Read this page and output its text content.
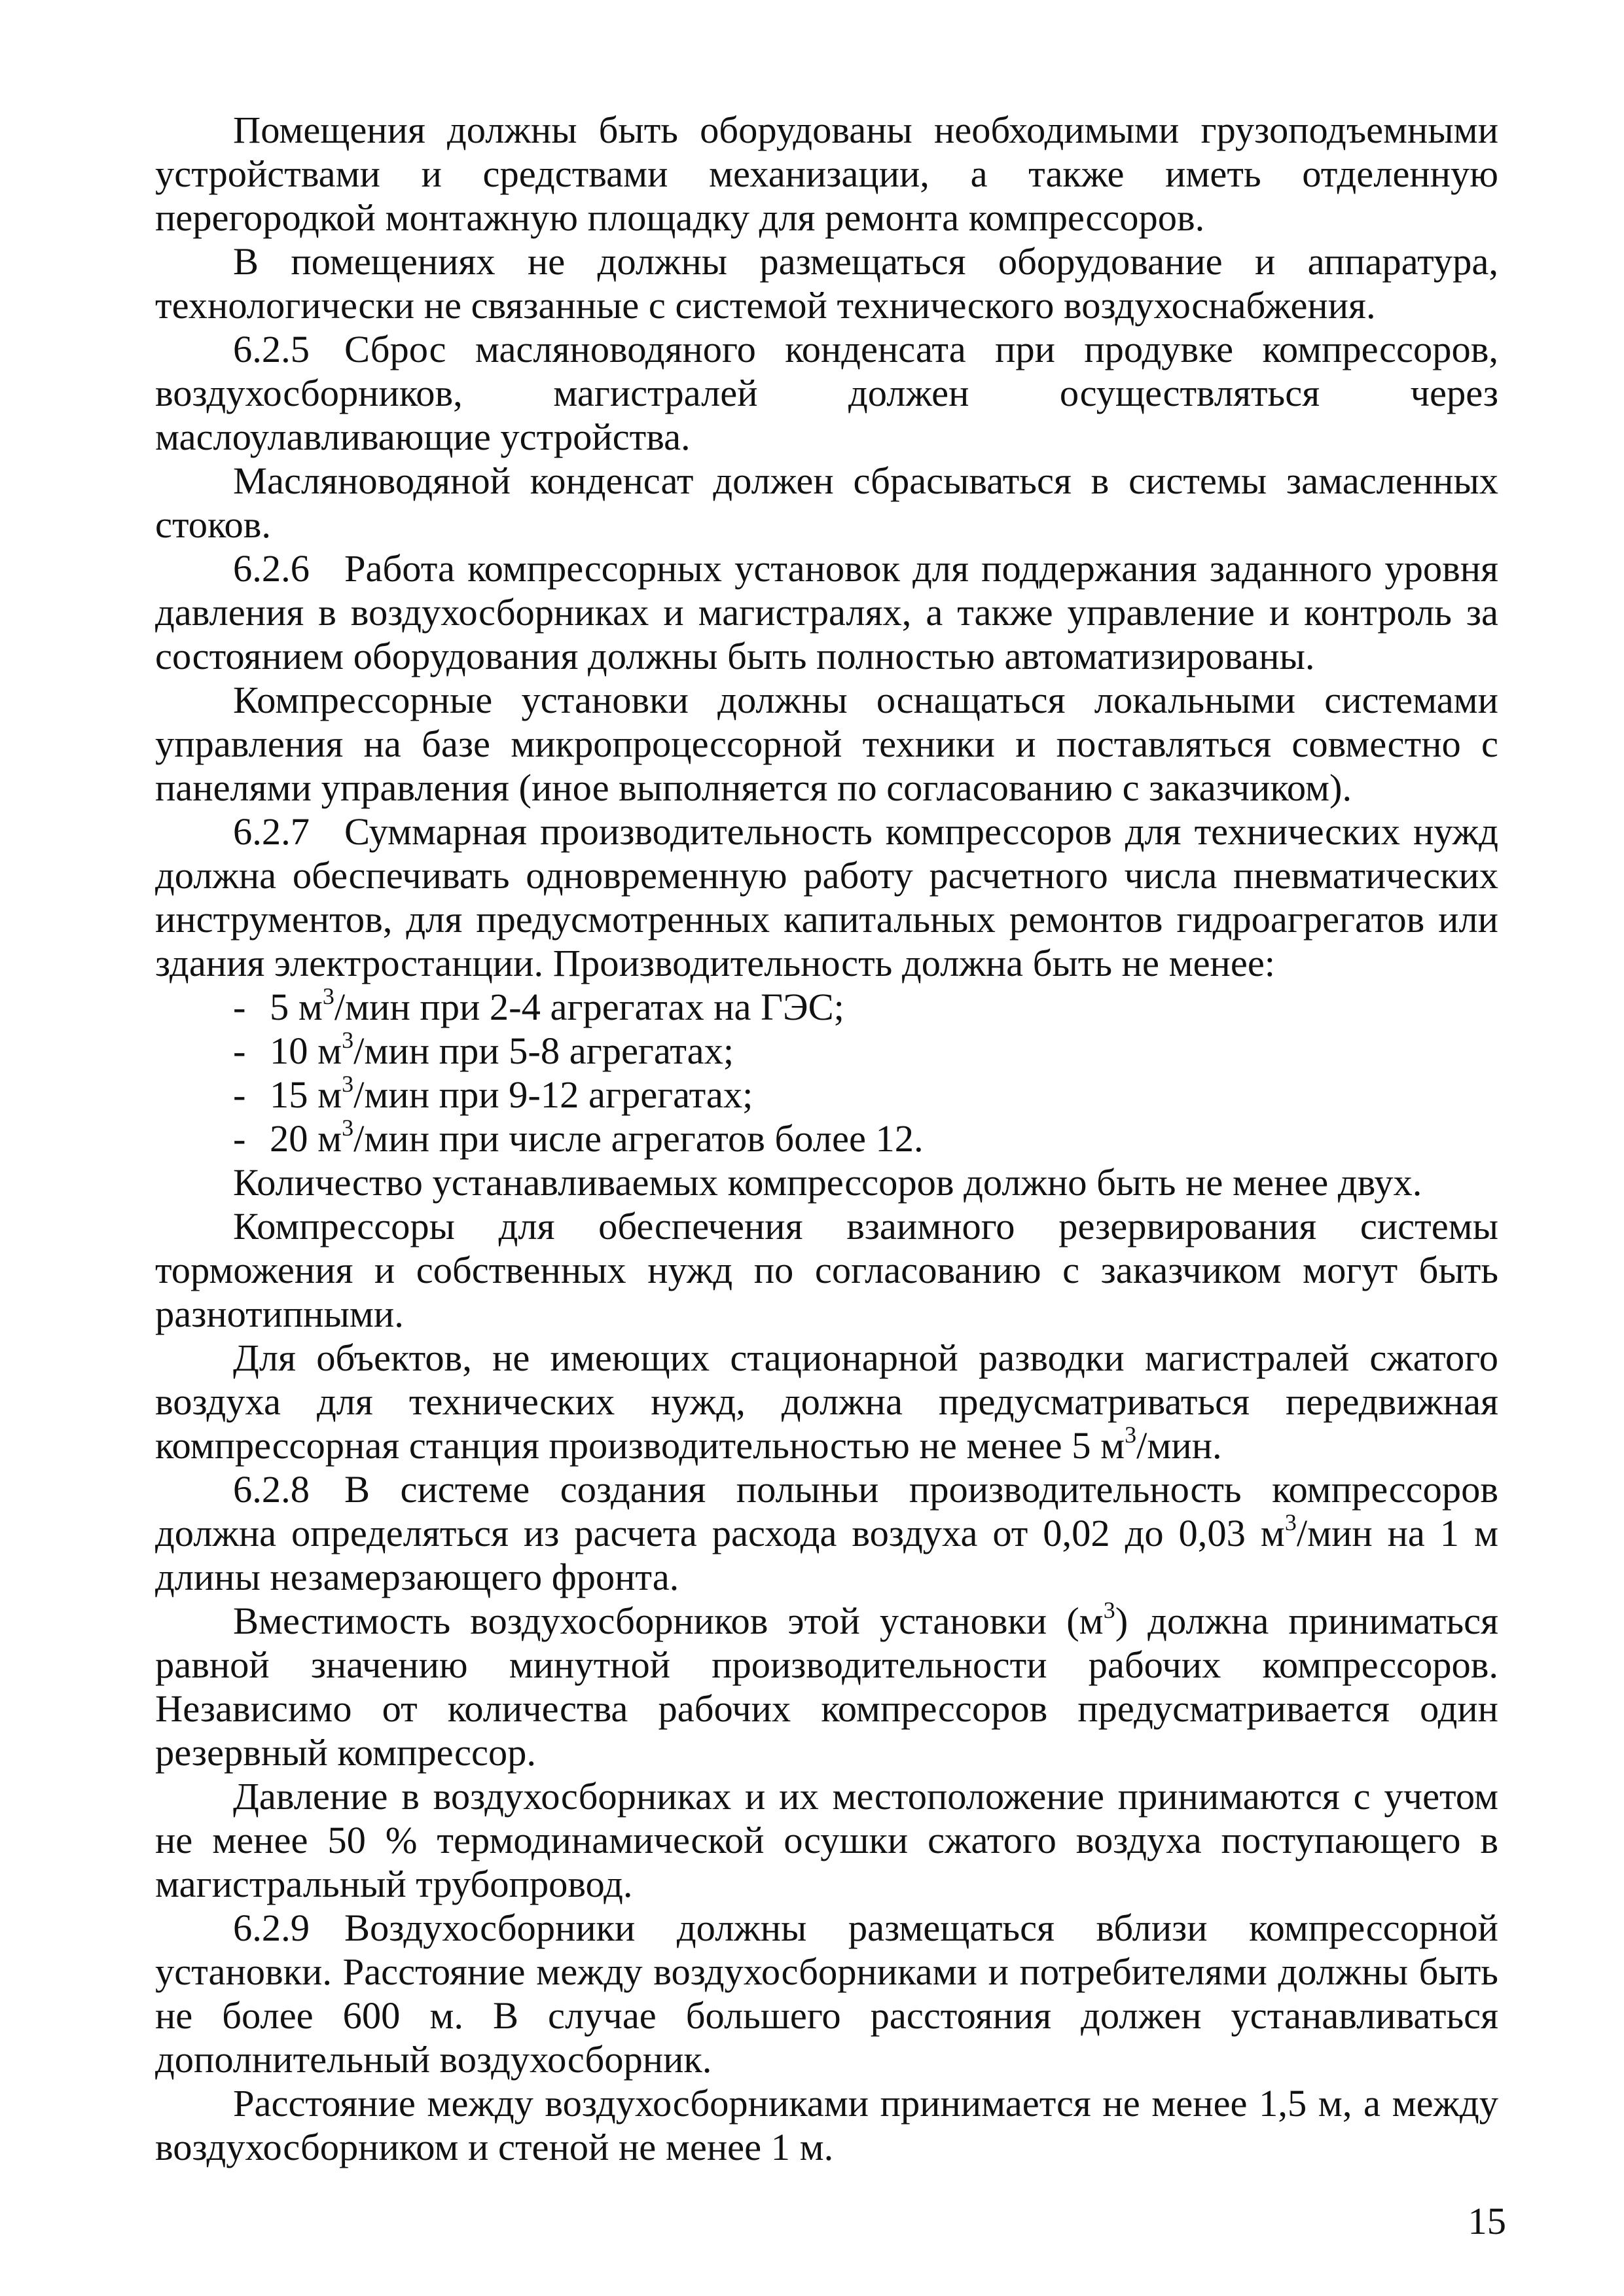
Помещения должны быть оборудованы необходимыми грузоподъемными устройствами и средствами механизации, а также иметь отделенную перегородкой монтажную площадку для ремонта компрессоров.

В помещениях не должны размещаться оборудование и аппаратура, технологически не связанные с системой технического воздухоснабжения.

6.2.5 Сброс масляноводяного конденсата при продувке компрессоров, воздухосборников, магистралей должен осуществляться через маслоулавливающие устройства.

Масляноводяной конденсат должен сбрасываться в системы замасленных стоков.

6.2.6 Работа компрессорных установок для поддержания заданного уровня давления в воздухосборниках и магистралях, а также управление и контроль за состоянием оборудования должны быть полностью автоматизированы.

Компрессорные установки должны оснащаться локальными системами управления на базе микропроцессорной техники и поставляться совместно с панелями управления (иное выполняется по согласованию с заказчиком).

6.2.7 Суммарная производительность компрессоров для технических нужд должна обеспечивать одновременную работу расчетного числа пневматических инструментов, для предусмотренных капитальных ремонтов гидроагрегатов или здания электростанции. Производительность должна быть не менее:

- 5 $м^3$/мин при 2-4 агрегатах на ГЭС;

- 10 $м^3$/мин при 5-8 агрегатах;

- 15 $м^3$/мин при 9-12 агрегатах;

- 20 $м^3$/мин при числе агрегатов более 12.

Количество устанавливаемых компрессоров должно быть не менее двух.

Компрессоры для обеспечения взаимного резервирования системы торможения и собственных нужд по согласованию с заказчиком могут быть разнотипными.

Для объектов, не имеющих стационарной разводки магистралей сжатого воздуха для технических нужд, должна предусматриваться передвижная компрессорная станция производительностью не менее 5 $м^3$/мин.

6.2.8 В системе создания полыньи производительность компрессоров должна определяться из расчета расхода воздуха от 0,02 до 0,03 $м^3$/мин на 1 м длины незамерзающего фронта.

Вместимость воздухосборников этой установки $(м^3)$ должна приниматься равной значению минутной производительности рабочих компрессоров. Независимо от количества рабочих компрессоров предусматривается один резервный компрессор.

Давление в воздухосборниках и их местоположение принимаются с учетом не менее 50 % термодинамической осушки сжатого воздуха поступающего в магистральный трубопровод.

6.2.9 Воздухосборники должны размещаться вблизи компрессорной установки. Расстояние между воздухосборниками и потребителями должны быть не более 600 м. В случае большего расстояния должен устанавливаться дополнительный воздухосборник.

Расстояние между воздухосборниками принимается не менее 1,5 м, а между воздухосборником и стеной не менее 1 м.

15
